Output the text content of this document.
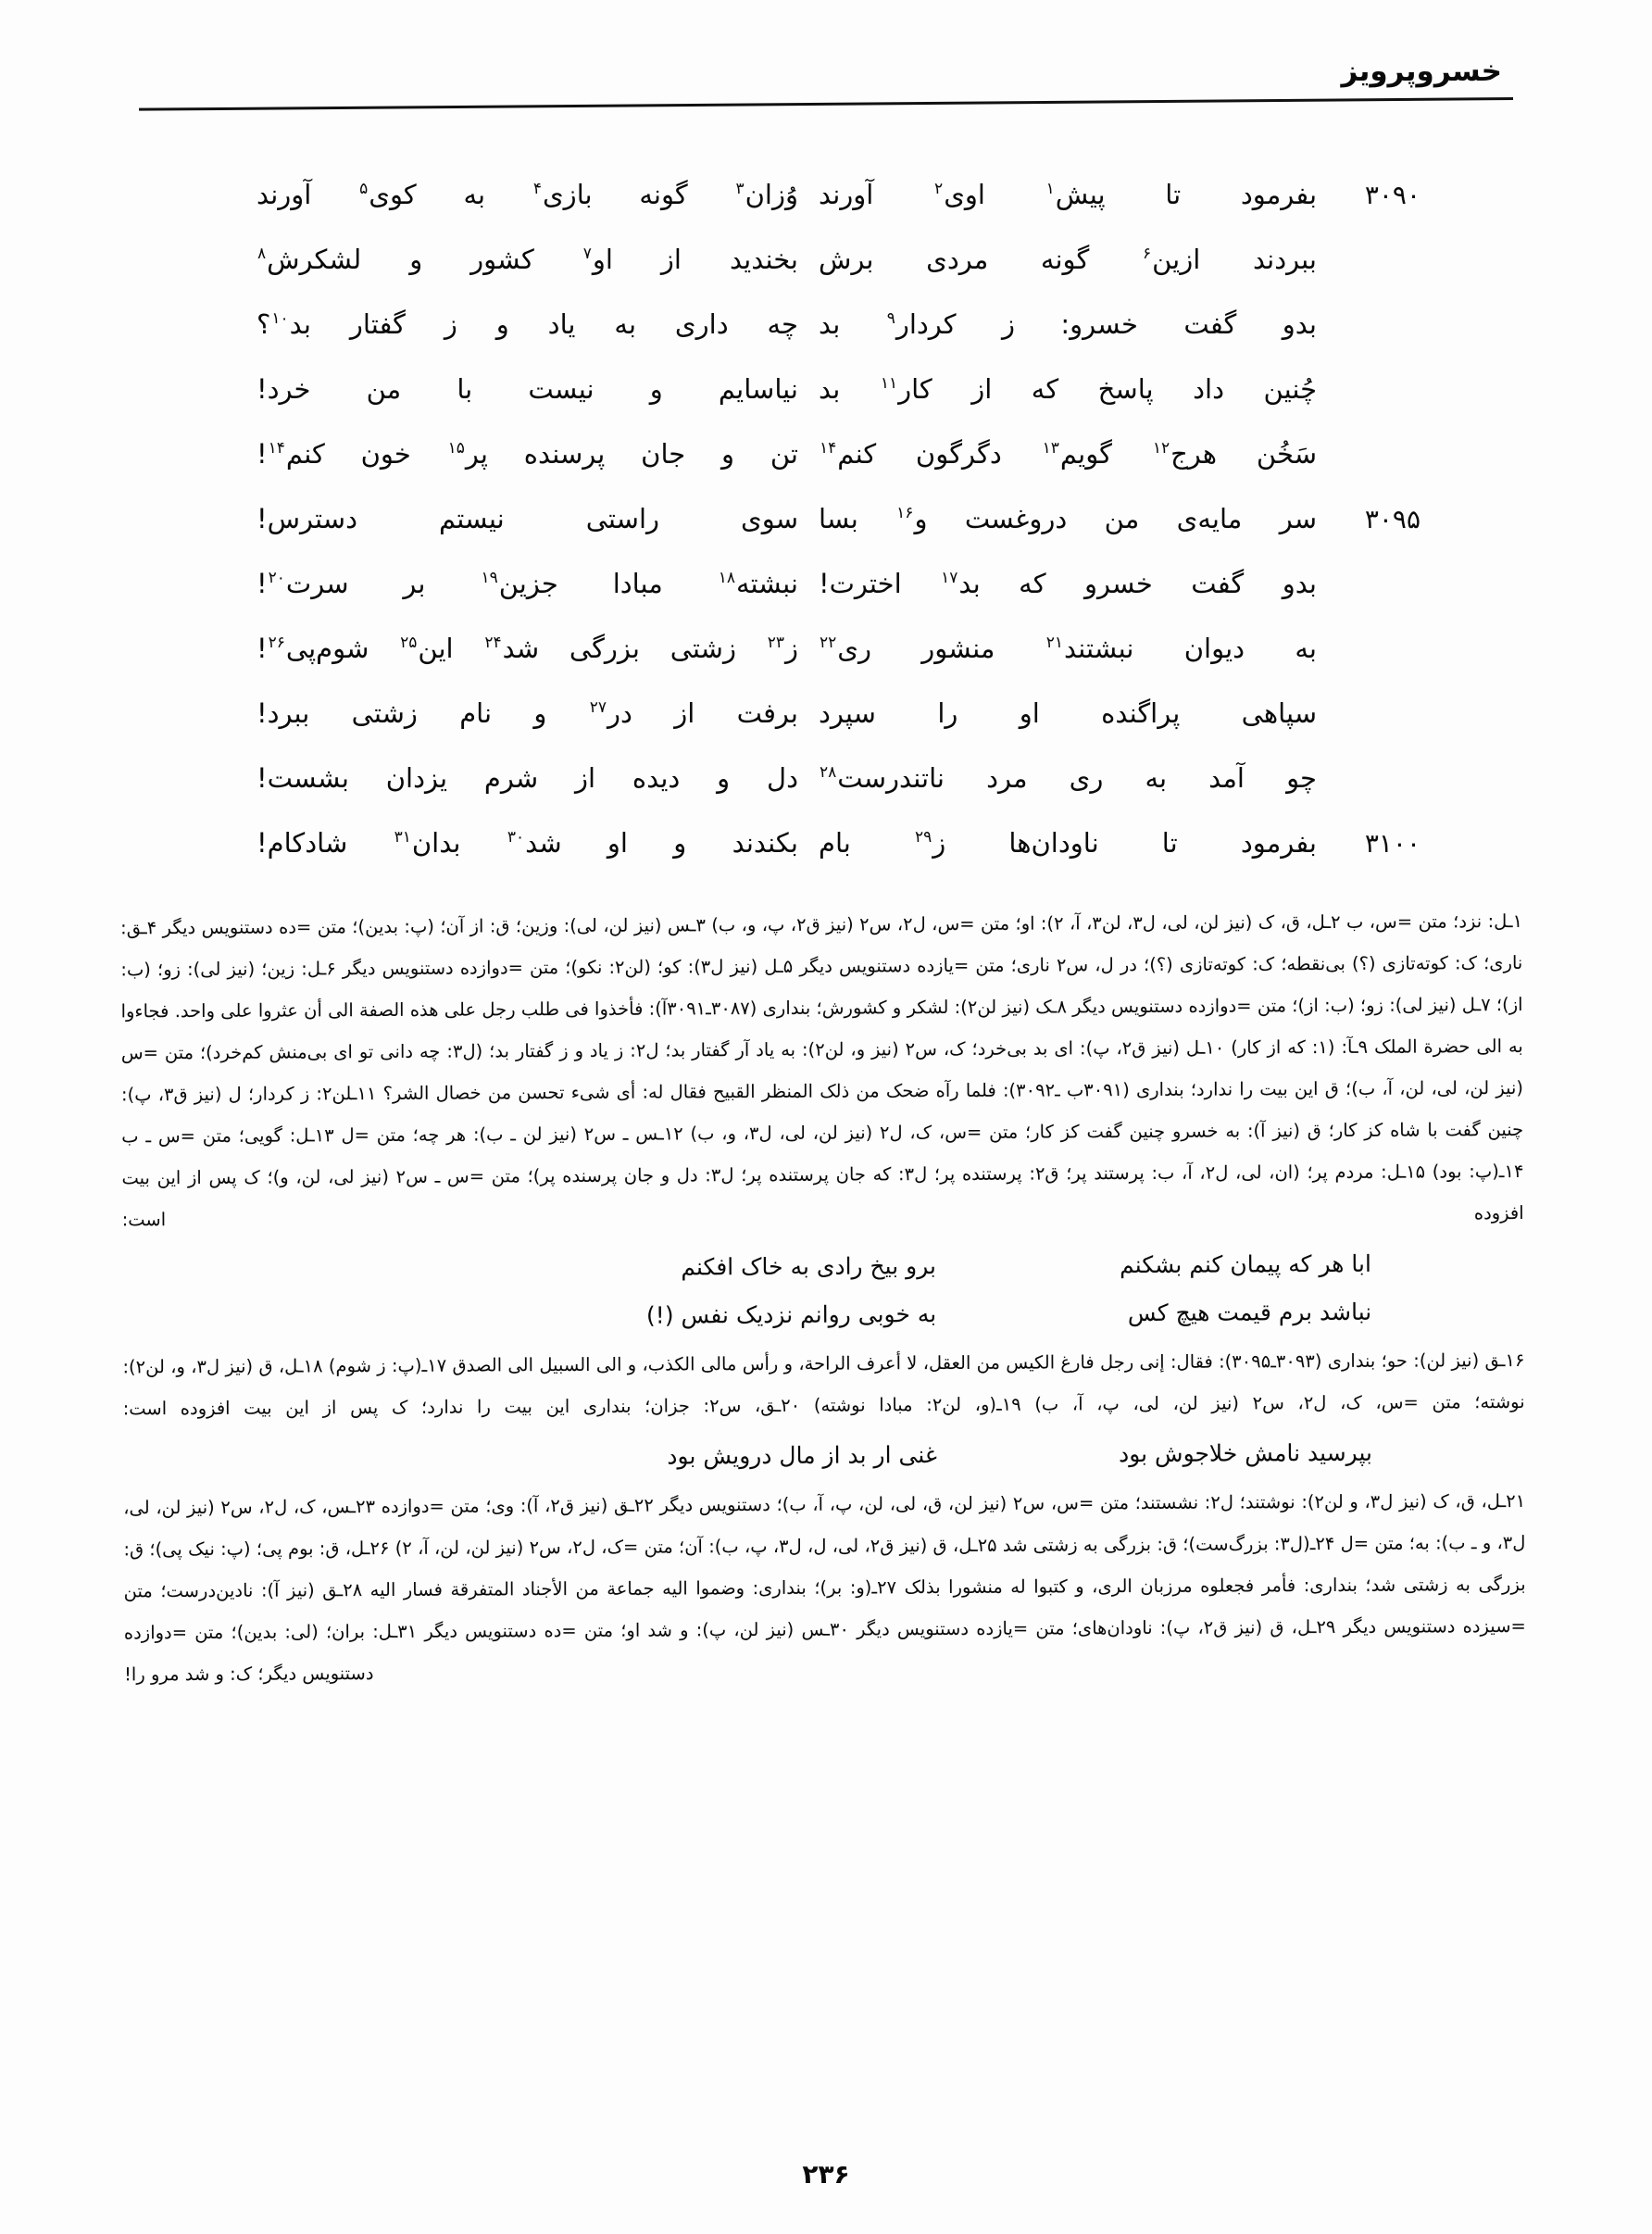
خسروپرویز
۳۰۹۰
بفرمود تا پیش$^۱$ اوی$^۲$ آورند
وُزان$^۳$ گونه بازی$^۴$ به کوی$^۵$ آورند
ببردند ازین$^۶$ گونه مردی برش
بخندید از او$^۷$ کشور و لشکرش$^۸$
بدو گفت خسرو: ز کردار$^۹$ بد
چه داری به یاد و ز گفتار بد$^{۱۰}$؟
چُنین داد پاسخ که از کار$^{۱۱}$ بد
نیاسایم و نیست با من خرد!
سَخُن هرج$^{۱۲}$ گویم$^{۱۳}$ دگرگون کنم$^{۱۴}$
تن و جان پرسنده پر$^{۱۵}$ خون کنم$^{۱۴}$!
۳۰۹۵
سر مایه‌ی من دروغست و$^{۱۶}$ بسا
سوی راستی نیستم دسترس!
بدو گفت خسرو که بد$^{۱۷}$ اخترت!
نبشته$^{۱۸}$ مبادا جزین$^{۱۹}$ بر سرت$^{۲۰}$!
به دیوان نبشتند$^{۲۱}$ منشور ری$^{۲۲}$
ز$^{۲۳}$ زشتی بزرگی شد$^{۲۴}$ این$^{۲۵}$ شوم‌پی$^{۲۶}$!
سپاهی پراگنده او را سپرد
برفت از در$^{۲۷}$ و نام زشتی ببرد!
چو آمد به ری مرد ناتندرست$^{۲۸}$
دل و دیده از شرم یزدان بشست!
۳۱۰۰
بفرمود تا ناودان‌ها ز$^{۲۹}$ بام
بکندند و او شد$^{۳۰}$ بدان$^{۳۱}$ شادکام!

۱ـل: نزد؛ متن =س، ب ۲ـل، ق، ک (نیز لن، لی، ل۳، لن۳، آ، ۲): او؛ متن =س، ل۲، س۲ (نیز ق۲، پ، و، ب) ۳ـس (نیز لن، لی): وزین؛ ق: از آن؛ (پ: بدین)؛ متن =ده دستنویس دیگر ۴ـق: ناری؛ ک: کوته‌تازی (؟) بی‌نقطه؛ ک: کوته‌تازی (؟)؛ در ل، س۲ ناری؛ متن =یازده دستنویس دیگر ۵ـل (نیز ل۳): کو؛ (لن۲: نکو)؛ متن =دوازده دستنویس دیگر ۶ـل: زین؛ (نیز لی): زو؛ (ب: از)؛ ۷ـل (نیز لی): زو؛ (ب: از)؛ متن =دوازده دستنویس دیگر ۸ـک (نیز لن۲): لشکر و کشورش؛ بنداری (۳۰۸۷ـ۳۰۹۱آ): فأخذوا فی طلب رجل علی هذه الصفة الی أن عثروا علی واحد. فجاءوا به الی حضرة الملک ۹ـآ: (۱: که از کار) ۱۰ـل (نیز ق۲، پ): ای بد بی‌خرد؛ ک، س۲ (نیز و، لن۲): به یاد آر گفتار بد؛ ل۲: ز یاد و ز گفتار بد؛ (ل۳: چه دانی تو ای بی‌منش کم‌خرد)؛ متن =س (نیز لن، لی، لن، آ، ب)؛ ق این بیت را ندارد؛ بنداری (۳۰۹۱ب ـ۳۰۹۲): فلما رآه ضحک من ذلک المنظر القبیح فقال له: أی شیء تحسن من خصال الشر؟ ۱۱ـلن۲: ز کردار؛ ل (نیز ق۳، پ): چنین گفت با شاه کز کار؛ ق (نیز آ): به خسرو چنین گفت کز کار؛ متن =س، ک، ل۲ (نیز لن، لی، ل۳، و، ب) ۱۲ـس ـ س۲ (نیز لن ـ ب): هر چه؛ متن =ل ۱۳ـل: گویی؛ متن =س ـ ب ۱۴ـ(پ: بود) ۱۵ـل: مردم پر؛ (ان، لی، ل۲، آ، ب: پرستند پر؛ ق۲: پرستنده پر؛ ل۳: که جان پرستنده پر؛ ل۳: دل و جان پرسنده پر)؛ متن =س ـ س۲ (نیز لی، لن، و)؛ ک پس از این بیت افزوده است:

ابا هر که پیمان کنم بشکنم
نباشد برم قیمت هیچ کس
برو بیخ رادی به خاک افکنم
به خوبی روانم نزدیک نفس (!)

۱۶ـق (نیز لن): حو؛ بنداری (۳۰۹۳ـ۳۰۹۵): فقال: إنی رجل فارغ الکیس من العقل، لا أعرف الراحة، و رأس مالی الکذب، و الی السبیل الی الصدق ۱۷ـ(پ: ز شوم) ۱۸ـل، ق (نیز ل۳، و، لن۲): نوشته؛ متن =س، ک، ل۲، س۲ (نیز لن، لی، پ، آ، ب) ۱۹ـ(و، لن۲: مبادا نوشته) ۲۰ـق، س۲: جزان؛ بنداری این بیت را ندارد؛ ک پس از این بیت افزوده است:

بپرسید نامش خلاجوش بود
غنی ار بد از مال درویش بود

۲۱ـل، ق، ک (نیز ل۳، و لن۲): نوشتند؛ ل۲: نشستند؛ متن =س، س۲ (نیز لن، ق، لی، لن، پ، آ، ب)؛ دستنویس دیگر ۲۲ـق (نیز ق۲، آ): وی؛ متن =دوازده ۲۳ـس، ک، ل۲، س۲ (نیز لن، لی، ل۳، و ـ ب): به؛ متن =ل ۲۴ـ(ل۳: بزرگ‌ست)؛ ق: بزرگی به زشتی شد ۲۵ـل، ق (نیز ق۲، لی، ل، ل۳، پ، ب): آن؛ متن =ک، ل۲، س۲ (نیز لن، لن، آ، ۲) ۲۶ـل، ق: بوم پی؛ (پ: نیک پی)؛ ق: بزرگی به زشتی شد؛ بنداری: فأمر فجعلوه مرزبان الری، و کتبوا له منشورا بذلک ۲۷ـ(و: بر)؛ بنداری: وضموا الیه جماعة من الأجناد المتفرقة فسار الیه ۲۸ـق (نیز آ): نادین‌درست؛ متن =سیزده دستنویس دیگر ۲۹ـل، ق (نیز ق۲، پ): ناودان‌های؛ متن =یازده دستنویس دیگر ۳۰ـس (نیز لن، پ): و شد او؛ متن =ده دستنویس دیگر ۳۱ـل: بران؛ (لی: بدین)؛ متن =دوازده دستنویس دیگر؛ ک: و شد مرو را!

۲۳۶
